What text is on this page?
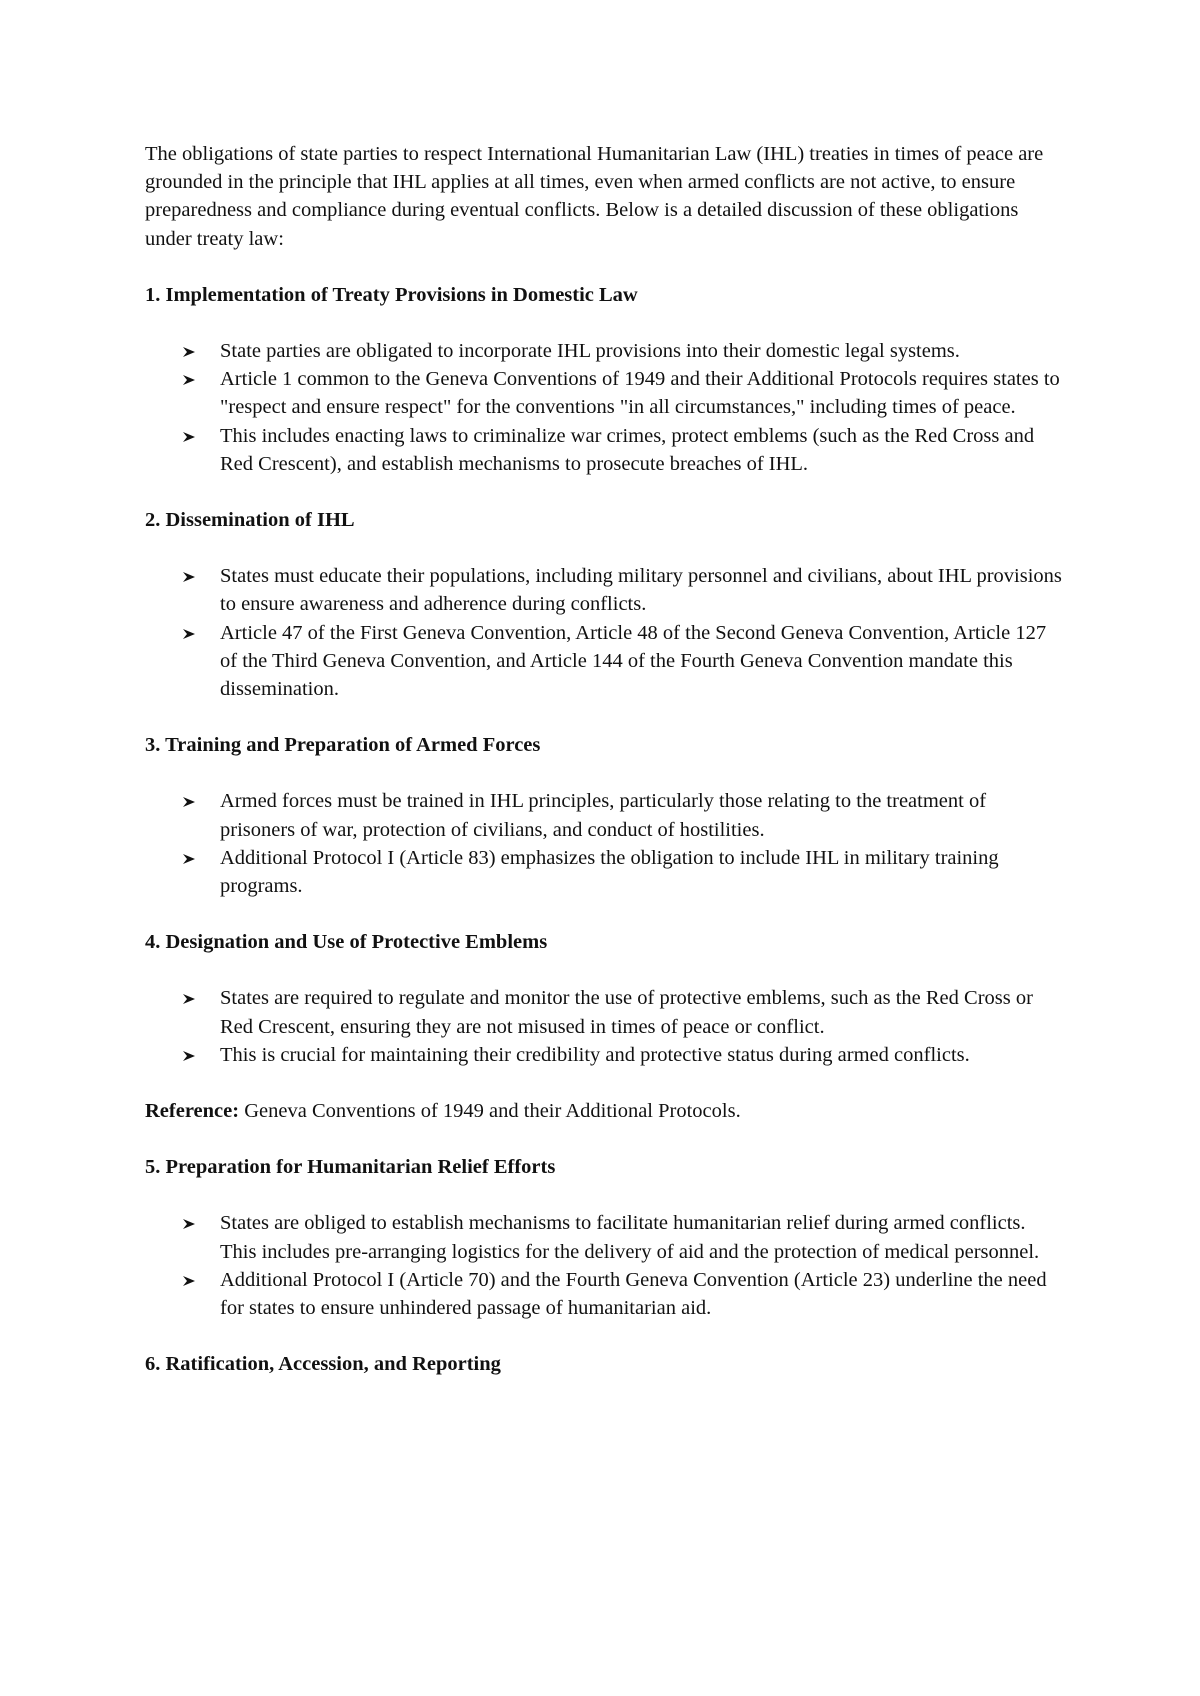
The obligations of state parties to respect International Humanitarian Law (IHL) treaties in times of peace are grounded in the principle that IHL applies at all times, even when armed conflicts are not active, to ensure preparedness and compliance during eventual conflicts. Below is a detailed discussion of these obligations under treaty law:

1. Implementation of Treaty Provisions in Domestic Law

State parties are obligated to incorporate IHL provisions into their domestic legal systems.
Article 1 common to the Geneva Conventions of 1949 and their Additional Protocols requires states to "respect and ensure respect" for the conventions "in all circumstances," including times of peace.
This includes enacting laws to criminalize war crimes, protect emblems (such as the Red Cross and Red Crescent), and establish mechanisms to prosecute breaches of IHL.

2. Dissemination of IHL

States must educate their populations, including military personnel and civilians, about IHL provisions to ensure awareness and adherence during conflicts.
Article 47 of the First Geneva Convention, Article 48 of the Second Geneva Convention, Article 127 of the Third Geneva Convention, and Article 144 of the Fourth Geneva Convention mandate this dissemination.

3. Training and Preparation of Armed Forces

Armed forces must be trained in IHL principles, particularly those relating to the treatment of prisoners of war, protection of civilians, and conduct of hostilities.
Additional Protocol I (Article 83) emphasizes the obligation to include IHL in military training programs.

4. Designation and Use of Protective Emblems

States are required to regulate and monitor the use of protective emblems, such as the Red Cross or Red Crescent, ensuring they are not misused in times of peace or conflict.
This is crucial for maintaining their credibility and protective status during armed conflicts.

Reference: Geneva Conventions of 1949 and their Additional Protocols.

5. Preparation for Humanitarian Relief Efforts

States are obliged to establish mechanisms to facilitate humanitarian relief during armed conflicts. This includes pre-arranging logistics for the delivery of aid and the protection of medical personnel.
Additional Protocol I (Article 70) and the Fourth Geneva Convention (Article 23) underline the need for states to ensure unhindered passage of humanitarian aid.

6. Ratification, Accession, and Reporting
